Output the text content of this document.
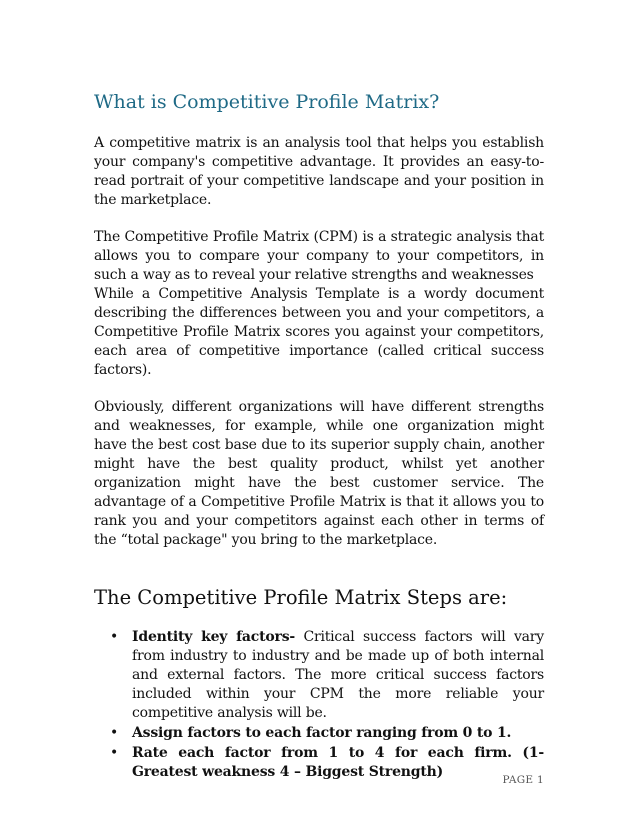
What is Competitive Profile Matrix?

A competitive matrix is an analysis tool that helps you establish your company's competitive advantage. It provides an easy-to-read portrait of your competitive landscape and your position in the marketplace.

The Competitive Profile Matrix (CPM) is a strategic analysis that allows you to compare your company to your competitors, in such a way as to reveal your relative strengths and weaknesses

While a Competitive Analysis Template is a wordy document describing the differences between you and your competitors, a Competitive Profile Matrix scores you against your competitors, each area of competitive importance (called critical success factors).

Obviously, different organizations will have different strengths and weaknesses, for example, while one organization might have the best cost base due to its superior supply chain, another might have the best quality product, whilst yet another organization might have the best customer service. The advantage of a Competitive Profile Matrix is that it allows you to rank you and your competitors against each other in terms of the “total package" you bring to the marketplace.

The Competitive Profile Matrix Steps are:
• Identity key factors- Critical success factors will vary from industry to industry and be made up of both internal and external factors. The more critical success factors included within your CPM the more reliable your competitive analysis will be.
• Assign factors to each factor ranging from 0 to 1.
• Rate each factor from 1 to 4 for each firm. (1- Greatest weakness 4 – Biggest Strength)	PAGE 1
